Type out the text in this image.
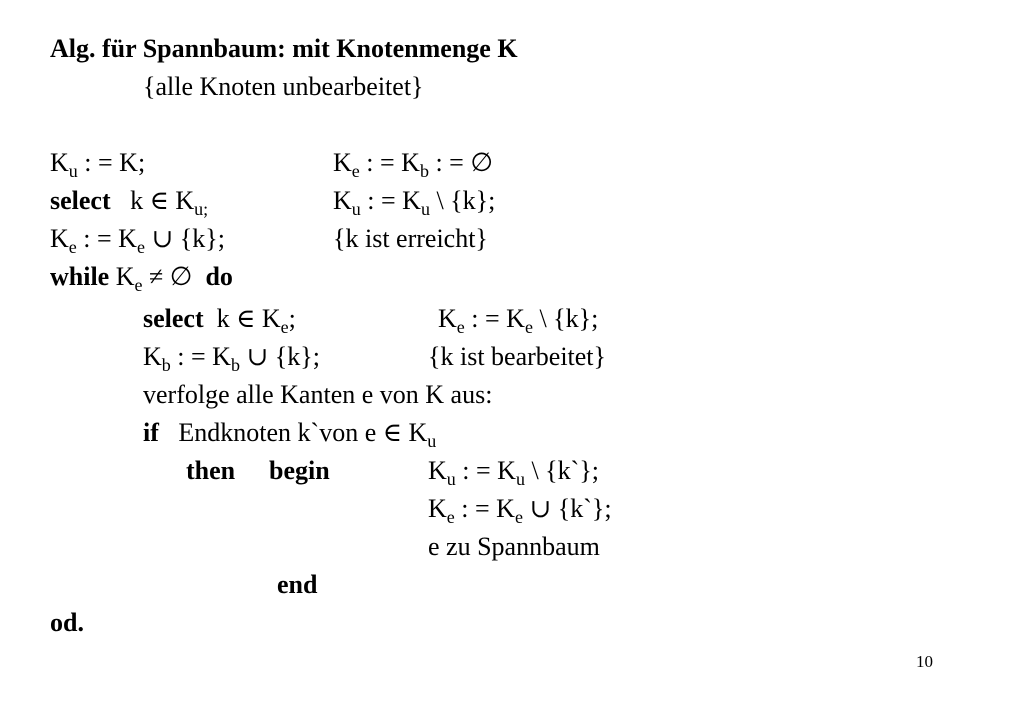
Alg. für Spannbaum: mit Knotenmenge K
{alle Knoten unbearbeitet}
$K_u$ : = K;	$K_e$ : = $K_b$ : = ∅
select k ∈ $K_{u;}$	$K_u$ : = $K_u$ \ {k};
$K_e$ : = $K_e$ ∪ {k};	{k ist erreicht}
while $K_e$ ≠ ∅ do
select k ∈ $K_e$;	$K_e$ : = $K_e$ \ {k};
$K_b$ : = $K_b$ ∪ {k};	{k ist bearbeitet}
verfolge alle Kanten e von K aus:
if Endknoten k`von e ∈ $K_u$
then begin	$K_u$ : = $K_u$ \ {k`};
$K_e$ : = $K_e$ ∪ {k`};
e zu Spannbaum
end
od.
10
